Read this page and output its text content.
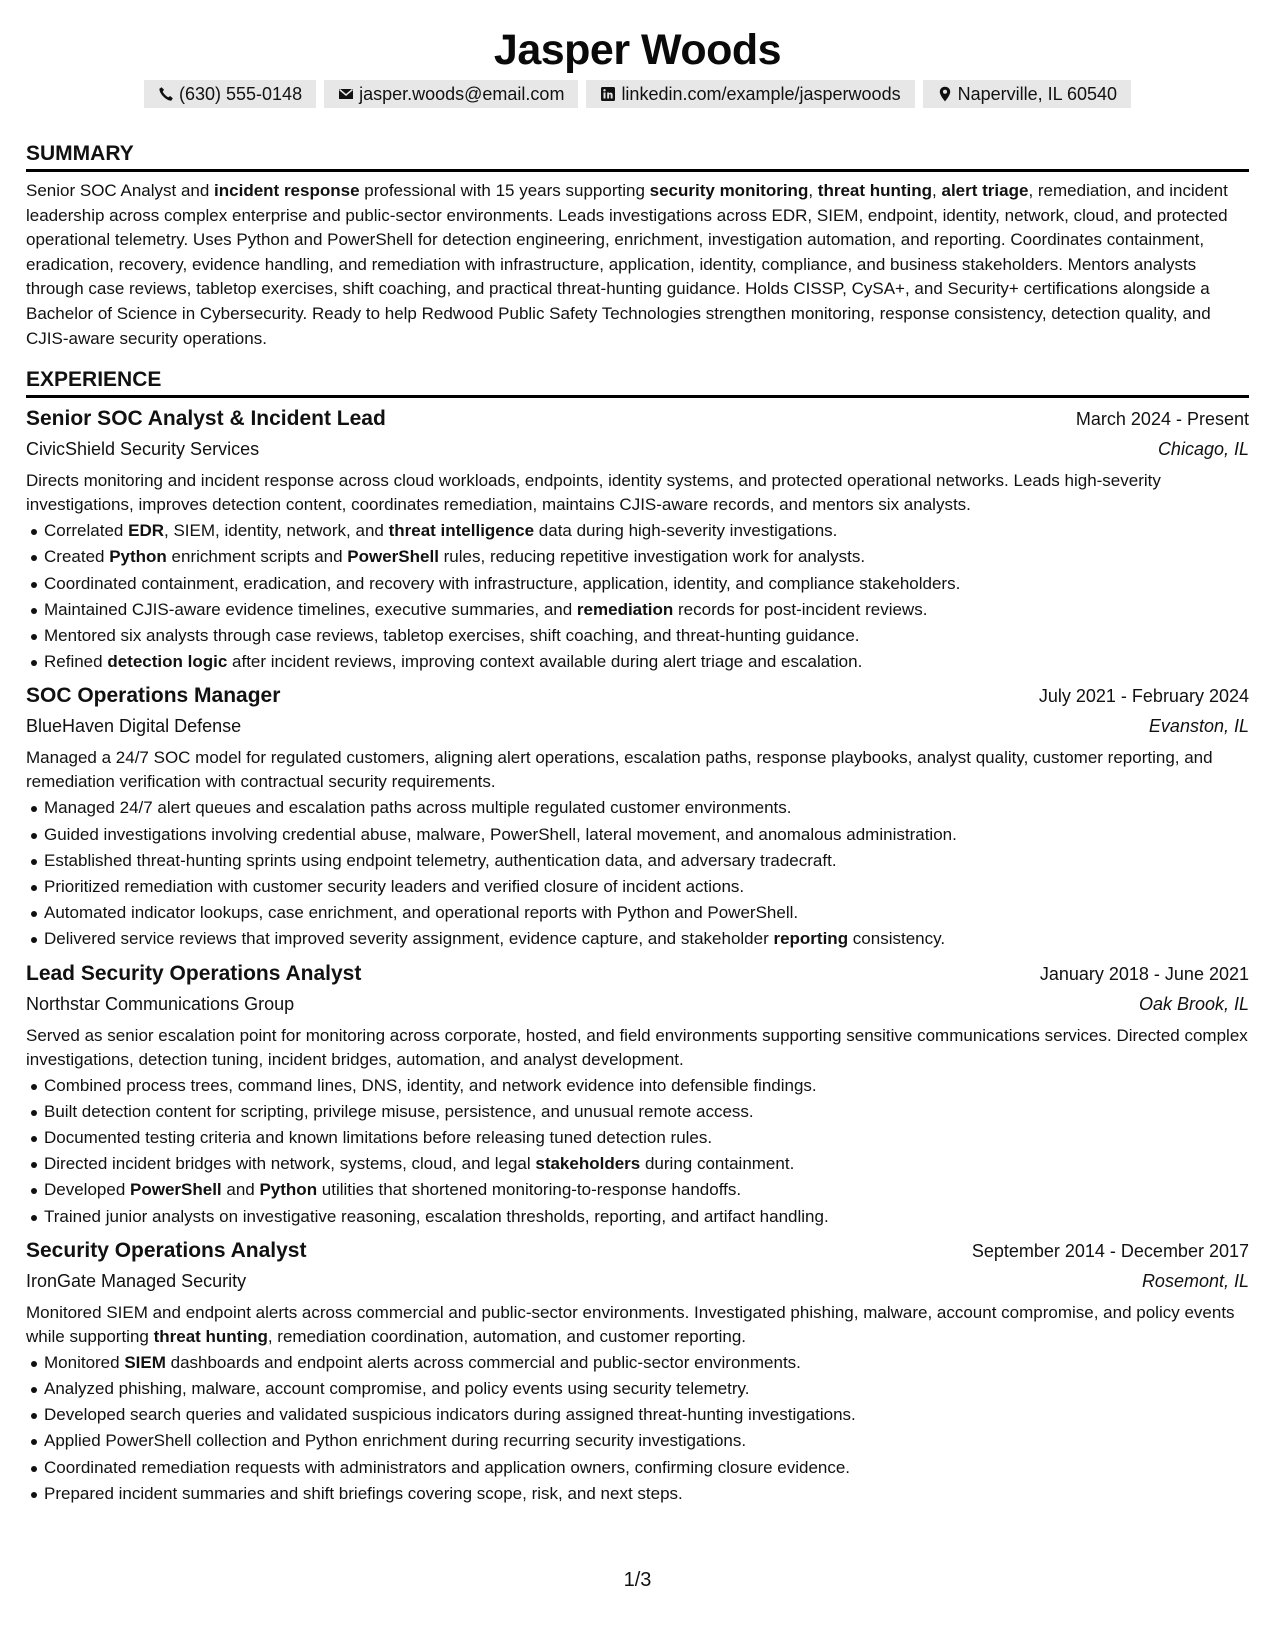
Jasper Woods
(630) 555-0148	jasper.woods@email.com	linkedin.com/example/jasperwoods	Naperville, IL 60540
SUMMARY
Senior SOC Analyst and incident response professional with 15 years supporting security monitoring, threat hunting, alert triage, remediation, and incident leadership across complex enterprise and public-sector environments. Leads investigations across EDR, SIEM, endpoint, identity, network, cloud, and protected operational telemetry. Uses Python and PowerShell for detection engineering, enrichment, investigation automation, and reporting. Coordinates containment, eradication, recovery, evidence handling, and remediation with infrastructure, application, identity, compliance, and business stakeholders. Mentors analysts through case reviews, tabletop exercises, shift coaching, and practical threat-hunting guidance. Holds CISSP, CySA+, and Security+ certifications alongside a Bachelor of Science in Cybersecurity. Ready to help Redwood Public Safety Technologies strengthen monitoring, response consistency, detection quality, and CJIS-aware security operations.
EXPERIENCE
Senior SOC Analyst & Incident Lead	March 2024 - Present
CivicShield Security Services	Chicago, IL
Directs monitoring and incident response across cloud workloads, endpoints, identity systems, and protected operational networks. Leads high-severity investigations, improves detection content, coordinates remediation, maintains CJIS-aware records, and mentors six analysts.
Correlated EDR, SIEM, identity, network, and threat intelligence data during high-severity investigations.
Created Python enrichment scripts and PowerShell rules, reducing repetitive investigation work for analysts.
Coordinated containment, eradication, and recovery with infrastructure, application, identity, and compliance stakeholders.
Maintained CJIS-aware evidence timelines, executive summaries, and remediation records for post-incident reviews.
Mentored six analysts through case reviews, tabletop exercises, shift coaching, and threat-hunting guidance.
Refined detection logic after incident reviews, improving context available during alert triage and escalation.
SOC Operations Manager	July 2021 - February 2024
BlueHaven Digital Defense	Evanston, IL
Managed a 24/7 SOC model for regulated customers, aligning alert operations, escalation paths, response playbooks, analyst quality, customer reporting, and remediation verification with contractual security requirements.
Managed 24/7 alert queues and escalation paths across multiple regulated customer environments.
Guided investigations involving credential abuse, malware, PowerShell, lateral movement, and anomalous administration.
Established threat-hunting sprints using endpoint telemetry, authentication data, and adversary tradecraft.
Prioritized remediation with customer security leaders and verified closure of incident actions.
Automated indicator lookups, case enrichment, and operational reports with Python and PowerShell.
Delivered service reviews that improved severity assignment, evidence capture, and stakeholder reporting consistency.
Lead Security Operations Analyst	January 2018 - June 2021
Northstar Communications Group	Oak Brook, IL
Served as senior escalation point for monitoring across corporate, hosted, and field environments supporting sensitive communications services. Directed complex investigations, detection tuning, incident bridges, automation, and analyst development.
Combined process trees, command lines, DNS, identity, and network evidence into defensible findings.
Built detection content for scripting, privilege misuse, persistence, and unusual remote access.
Documented testing criteria and known limitations before releasing tuned detection rules.
Directed incident bridges with network, systems, cloud, and legal stakeholders during containment.
Developed PowerShell and Python utilities that shortened monitoring-to-response handoffs.
Trained junior analysts on investigative reasoning, escalation thresholds, reporting, and artifact handling.
Security Operations Analyst	September 2014 - December 2017
IronGate Managed Security	Rosemont, IL
Monitored SIEM and endpoint alerts across commercial and public-sector environments. Investigated phishing, malware, account compromise, and policy events while supporting threat hunting, remediation coordination, automation, and customer reporting.
Monitored SIEM dashboards and endpoint alerts across commercial and public-sector environments.
Analyzed phishing, malware, account compromise, and policy events using security telemetry.
Developed search queries and validated suspicious indicators during assigned threat-hunting investigations.
Applied PowerShell collection and Python enrichment during recurring security investigations.
Coordinated remediation requests with administrators and application owners, confirming closure evidence.
Prepared incident summaries and shift briefings covering scope, risk, and next steps.
1/3
